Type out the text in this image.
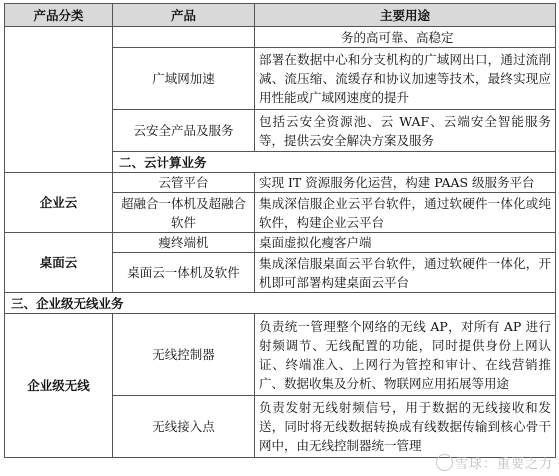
产品分类	产品	主要用途
		务的高可靠、高稳定
	广域网加速	部署在数据中心和分支机构的广域网出口，通过流削减、流压缩、流缓存和协议加速等技术，最终实现应用性能或广域网速度的提升
	云安全产品及服务	包括云安全资源池、云 WAF、云端安全智能服务等，提供云安全解决方案及服务
	二、云计算业务	
企业云	云管平台	实现 IT 资源服务化运营，构建 PAAS 级服务平台
	超融合一体机及超融合软件	集成深信服企业云平台软件，通过软硬件一体化或纯软件，构建企业云平台
桌面云	瘦终端机	桌面虚拟化瘦客户端
	桌面云一体机及软件	集成深信服桌面云平台软件，通过软硬件一体化，开机即可部署构建桌面云平台
三、企业级无线业务		
企业级无线	无线控制器	负责统一管理整个网络的无线 AP，对所有 AP 进行射频调节、无线配置的功能，同时提供身份上网认证、终端准入、上网行为管控和审计、在线营销推广、数据收集及分析、物联网应用拓展等用途
	无线接入点	负责发射无线射频信号，用于数据的无线接收和发送，同时将无线数据转换成有线数据传输到核心骨干网中，由无线控制器统一管理
雪球：重要之力
